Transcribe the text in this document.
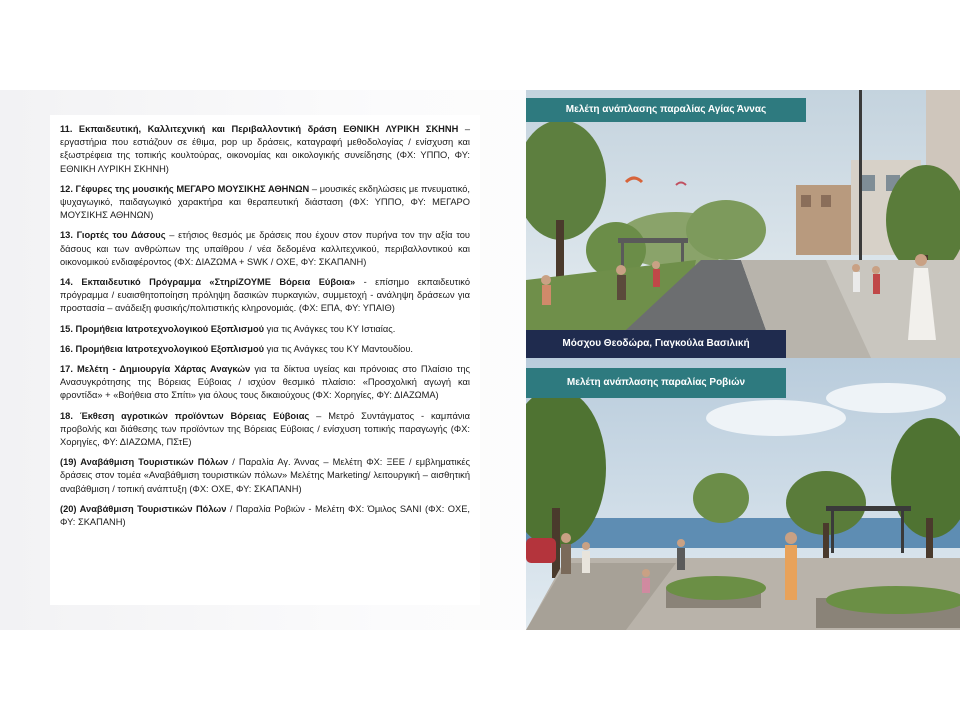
11. Εκπαιδευτική, Καλλιτεχνική και Περιβαλλοντική δράση ΕΘΝΙΚΗ ΛΥΡΙΚΗ ΣΚΗΝΗ – εργαστήρια που εστιάζουν σε έθιμα, pop up δράσεις, καταγραφή μεθοδολογίας / ενίσχυση και εξωστρέφεια της τοπικής κουλτούρας, οικονομίας και οικολογικής συνείδησης (ΦΧ: ΥΠΠΟ, ΦΥ: ΕΘΝΙΚΗ ΛΥΡΙΚΗ ΣΚΗΝΗ)

12. Γέφυρες της μουσικής ΜΕΓΑΡΟ ΜΟΥΣΙΚΗΣ ΑΘΗΝΩΝ – μουσικές εκδηλώσεις με πνευματικό, ψυχαγωγικό, παιδαγωγικό χαρακτήρα και θεραπευτική διάσταση (ΦΧ: ΥΠΠΟ, ΦΥ: ΜΕΓΑΡΟ ΜΟΥΣΙΚΗΣ ΑΘΗΝΩΝ)

13. Γιορτές του Δάσους – ετήσιος θεσμός με δράσεις που έχουν στον πυρήνα τον την αξία του δάσους και των ανθρώπων της υπαίθρου / νέα δεδομένα καλλιτεχνικού, περιβαλλοντικού και οικονομικού ενδιαφέροντος (ΦΧ: ΔΙΑΖΩΜΑ + SWK / ΟΧΕ, ΦΥ: ΣΚΑΠΑΝΗ)

14. Εκπαιδευτικό Πρόγραμμα «ΣτηρίΖΟΥΜΕ Βόρεια Εύβοια» - επίσημο εκπαιδευτικό πρόγραμμα / ευαισθητοποίηση πρόληψη δασικών πυρκαγιών, συμμετοχή - ανάληψη δράσεων για προστασία – ανάδειξη φυσικής/πολιτιστικής κληρονομιάς. (ΦΧ: ΕΠΑ, ΦΥ: ΥΠΑΙΘ)

15. Προμήθεια Ιατροτεχνολογικού Εξοπλισμού για τις Ανάγκες του ΚΥ Ιστιαίας.

16. Προμήθεια Ιατροτεχνολογικού Εξοπλισμού για τις Ανάγκες του ΚΥ Μαντουδίου.

17. Μελέτη - Δημιουργία Χάρτας Αναγκών για τα δίκτυα υγείας και πρόνοιας στο Πλαίσιο της Ανασυγκρότησης της Βόρειας Εύβοιας / ισχύον θεσμικό πλαίσιο: «Προσχολική αγωγή και φροντίδα» + «Βοήθεια στο Σπίτι» για όλους τους δικαιούχους (ΦΧ: Χορηγίες, ΦΥ: ΔΙΑΖΩΜΑ)

18. Έκθεση αγροτικών προϊόντων Βόρειας Εύβοιας – Μετρό Συντάγματος - καμπάνια προβολής και διάθεσης των προϊόντων της Βόρειας Εύβοιας / ενίσχυση τοπικής παραγωγής (ΦΧ: Χορηγίες, ΦΥ: ΔΙΑΖΩΜΑ, ΠΣτΕ)

(19) Αναβάθμιση Τουριστικών Πόλων / Παραλία Αγ. Άννας – Μελέτη ΦΧ: ΞΕΕ / εμβληματικές δράσεις στον τομέα «Αναβάθμιση τουριστικών πόλων» Μελέτης Marketing/ λειτουργική – αισθητική αναβάθμιση / τοπική ανάπτυξη (ΦΧ: ΟΧΕ, ΦΥ: ΣΚΑΠΑΝΗ)

(20) Αναβάθμιση Τουριστικών Πόλων / Παραλία Ροβιών - Μελέτη ΦΧ: Όμιλος SANI (ΦΧ: ΟΧΕ, ΦΥ: ΣΚΑΠΑΝΗ)

Μελέτη ανάπλασης παραλίας Αγίας Άννας
Μόσχου Θεοδώρα, Γιαγκούλα Βασιλική
Μελέτη ανάπλασης παραλίας Ροβιών
